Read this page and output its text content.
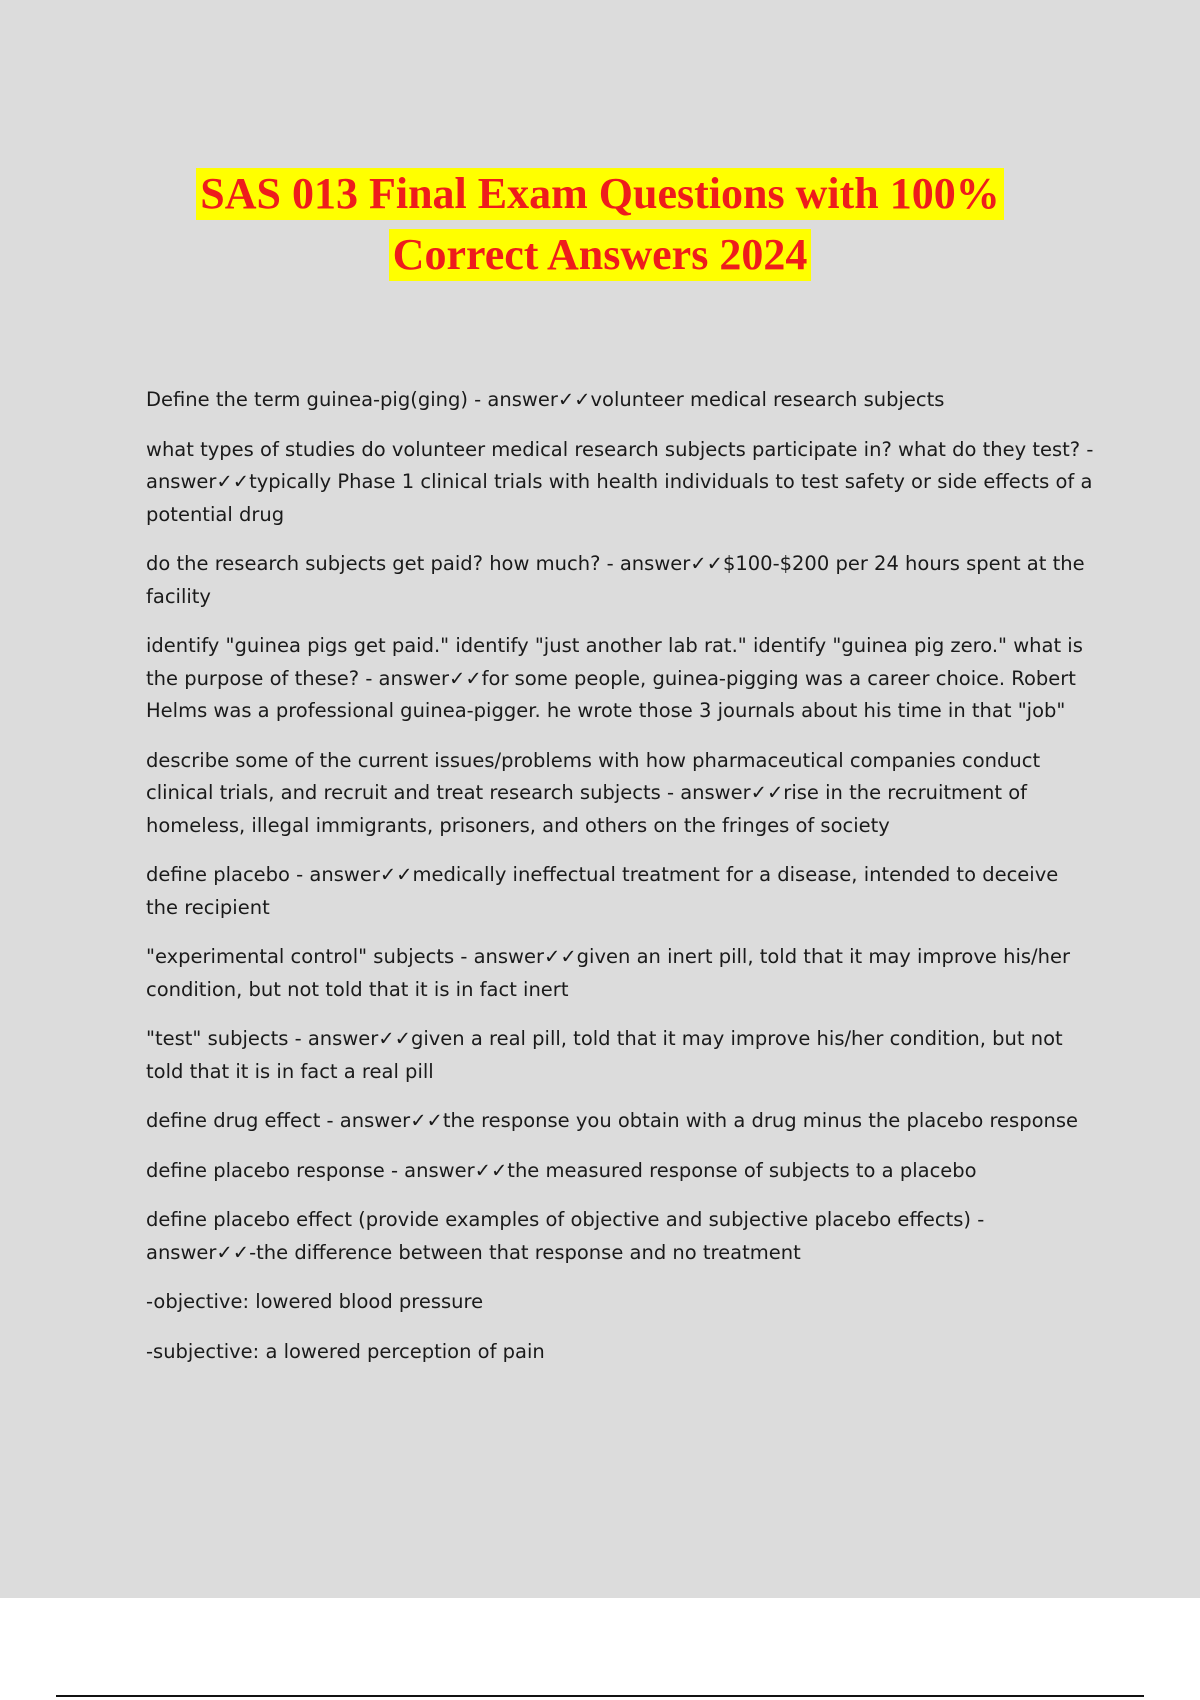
SAS 013 Final Exam Questions with 100%
Correct Answers 2024

Define the term guinea-pig(ging) - answer✓✓volunteer medical research subjects

what types of studies do volunteer medical research subjects participate in? what do they test? - answer✓✓typically Phase 1 clinical trials with health individuals to test safety or side effects of a potential drug

do the research subjects get paid? how much? - answer✓✓$100-$200 per 24 hours spent at the facility

identify "guinea pigs get paid." identify "just another lab rat." identify "guinea pig zero." what is the purpose of these? - answer✓✓for some people, guinea-pigging was a career choice. Robert Helms was a professional guinea-pigger. he wrote those 3 journals about his time in that "job"

describe some of the current issues/problems with how pharmaceutical companies conduct clinical trials, and recruit and treat research subjects - answer✓✓rise in the recruitment of homeless, illegal immigrants, prisoners, and others on the fringes of society

define placebo - answer✓✓medically ineffectual treatment for a disease, intended to deceive the recipient

"experimental control" subjects - answer✓✓given an inert pill, told that it may improve his/her condition, but not told that it is in fact inert

"test" subjects - answer✓✓given a real pill, told that it may improve his/her condition, but not told that it is in fact a real pill

define drug effect - answer✓✓the response you obtain with a drug minus the placebo response

define placebo response - answer✓✓the measured response of subjects to a placebo

define placebo effect (provide examples of objective and subjective placebo effects) - answer✓✓-the difference between that response and no treatment

-objective: lowered blood pressure

-subjective: a lowered perception of pain
